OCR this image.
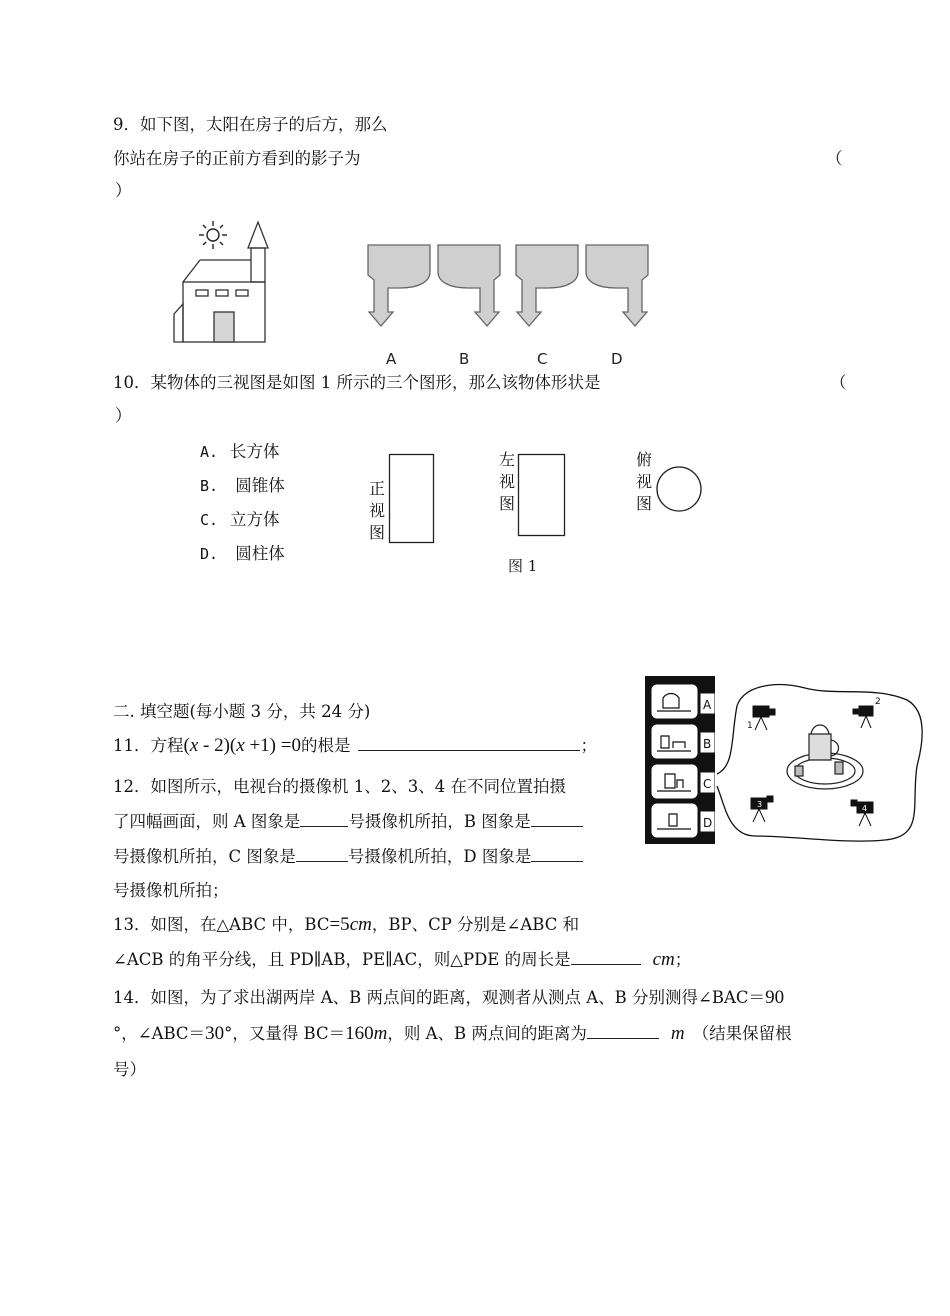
9．如下图，太阳在房子的后方，那么
你站在房子的正前方看到的影子为	（
）
A	B	C	D
10．某物体的三视图是如图 1 所示的三个图形，那么该物体形状是	（
）
A. 长方体
B. 圆锥体
C. 立方体
D. 圆柱体
正视图
左视图
俯视图
图 1
二. 填空题(每小题 3 分，共 24 分)
11．方程(x - 2)(x +1) =0的根是	；
12．如图所示，电视台的摄像机 1、2、3、4 在不同位置拍摄
了四幅画面，则 A 图象是	号摄像机所拍，B 图象是
号摄像机所拍，C 图象是	号摄像机所拍，D 图象是
号摄像机所拍；
A
B
C
D
1
2
3	4
13．如图，在△ABC 中，BC=5cm，BP、CP 分别是∠ABC 和
∠ACB 的角平分线，且 PD∥AB，PE∥AC，则△PDE 的周长是	cm；
14．如图，为了求出湖两岸 A、B 两点间的距离，观测者从测点 A、B 分别测得∠BAC＝90
°，∠ABC＝30°，又量得 BC＝160m，则 A、B 两点间的距离为	m （结果保留根
号）
